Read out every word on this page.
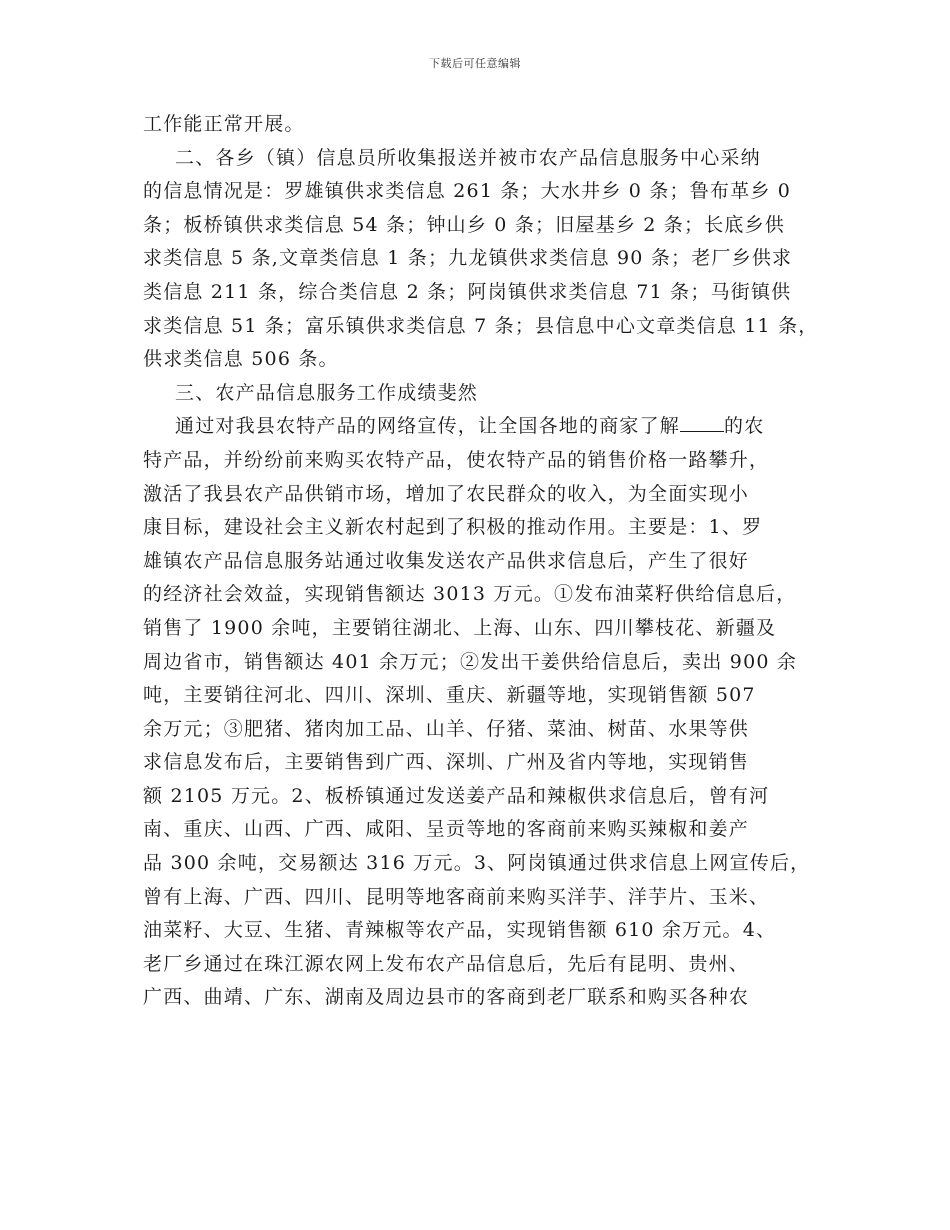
下载后可任意编辑
工作能正常开展。
二、各乡（镇）信息员所收集报送并被市农产品信息服务中心采纳
的信息情况是：罗雄镇供求类信息 261 条；大水井乡 0 条；鲁布革乡 0
条；板桥镇供求类信息 54 条；钟山乡 0 条；旧屋基乡 2 条；长底乡供
求类信息 5 条,文章类信息 1 条；九龙镇供求类信息 90 条；老厂乡供求
类信息 211 条，综合类信息 2 条；阿岗镇供求类信息 71 条；马街镇供
求类信息 51 条；富乐镇供求类信息 7 条；县信息中心文章类信息 11 条，
供求类信息 506 条。
三、农产品信息服务工作成绩斐然
通过对我县农特产品的网络宣传，让全国各地的商家了解 的农
特产品，并纷纷前来购买农特产品，使农特产品的销售价格一路攀升，
激活了我县农产品供销市场，增加了农民群众的收入，为全面实现小
康目标，建设社会主义新农村起到了积极的推动作用。主要是：1、罗
雄镇农产品信息服务站通过收集发送农产品供求信息后，产生了很好
的经济社会效益，实现销售额达 3013 万元。①发布油菜籽供给信息后，
销售了 1900 余吨，主要销往湖北、上海、山东、四川攀枝花、新疆及
周边省市，销售额达 401 余万元；②发出干姜供给信息后，卖出 900 余
吨，主要销往河北、四川、深圳、重庆、新疆等地，实现销售额 507
余万元；③肥猪、猪肉加工品、山羊、仔猪、菜油、树苗、水果等供
求信息发布后，主要销售到广西、深圳、广州及省内等地，实现销售
额 2105 万元。2、板桥镇通过发送姜产品和辣椒供求信息后，曾有河
南、重庆、山西、广西、咸阳、呈贡等地的客商前来购买辣椒和姜产
品 300 余吨，交易额达 316 万元。3、阿岗镇通过供求信息上网宣传后，
曾有上海、广西、四川、昆明等地客商前来购买洋芋、洋芋片、玉米、
油菜籽、大豆、生猪、青辣椒等农产品，实现销售额 610 余万元。4、
老厂乡通过在珠江源农网上发布农产品信息后，先后有昆明、贵州、
广西、曲靖、广东、湖南及周边县市的客商到老厂联系和购买各种农
